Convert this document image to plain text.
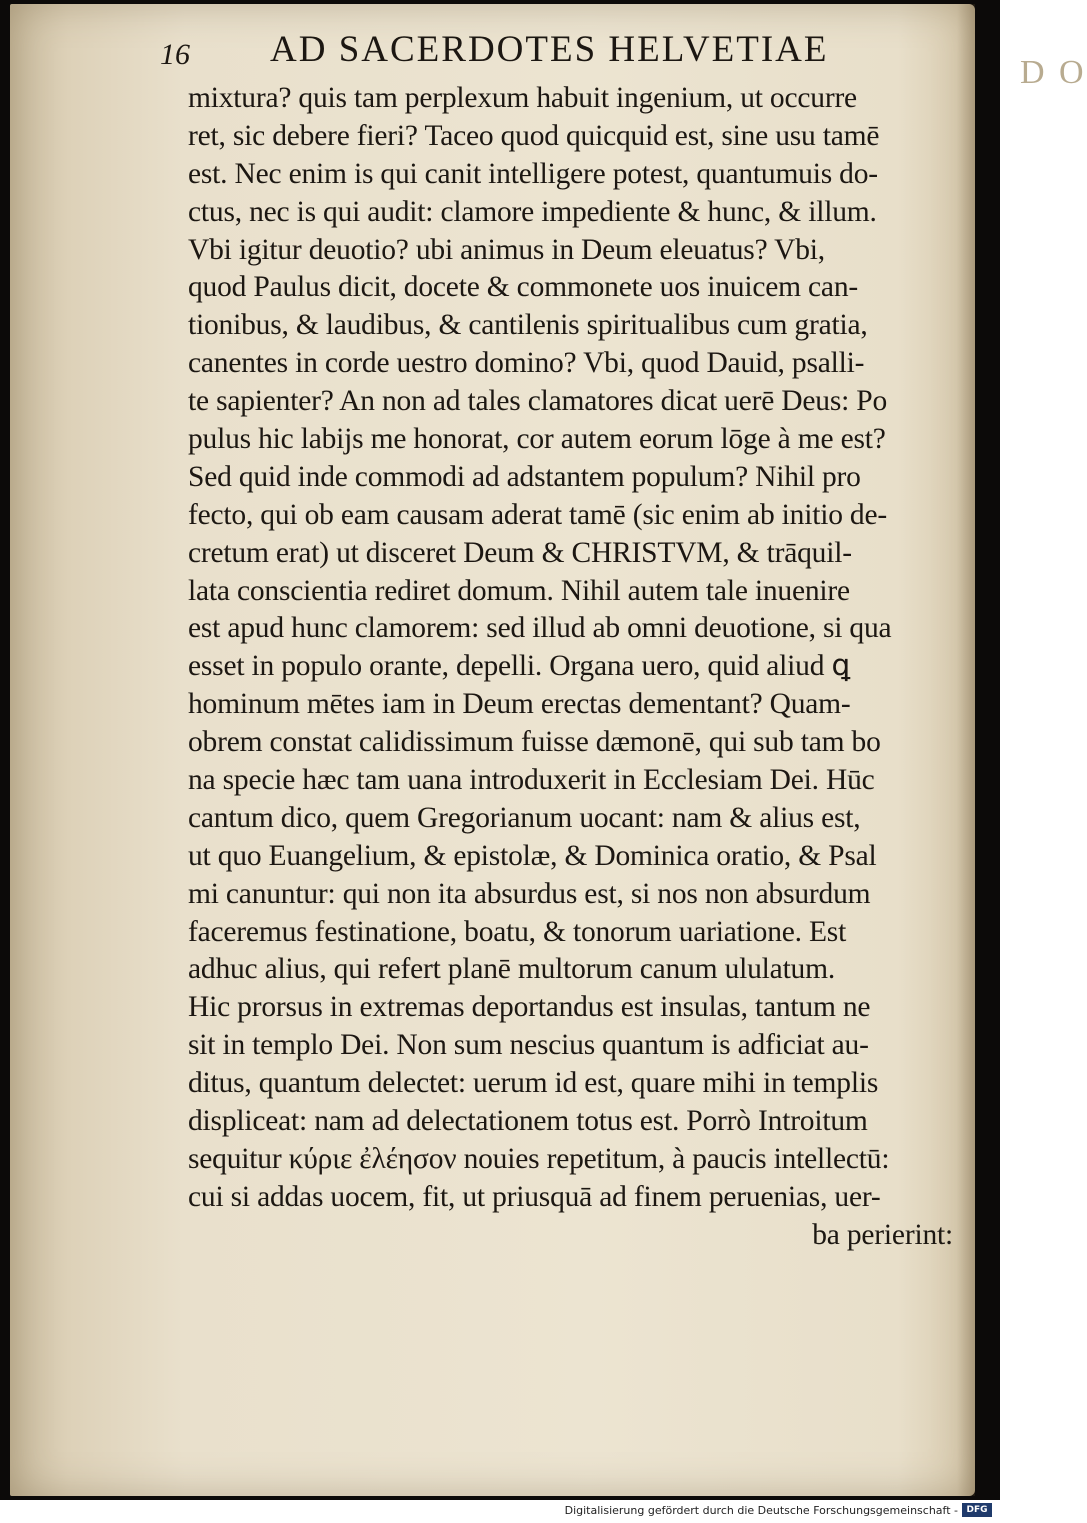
16 AD SACERDOTES HELVETIAE
D O
mixtura? quis tam perplexum habuit ingenium, ut occurre
ret, sic debere fieri? Taceo quod quicquid est, sine usu tamē
est. Nec enim is qui canit intelligere potest, quantumuis do-
ctus, nec is qui audit: clamore impediente & hunc, & illum.
Vbi igitur deuotio? ubi animus in Deum eleuatus? Vbi,
quod Paulus dicit, docete & commonete uos inuicem can-
tionibus, & laudibus, & cantilenis spiritualibus cum gratia,
canentes in corde uestro domino? Vbi, quod Dauid, psalli-
te sapienter? An non ad tales clamatores dicat uerē Deus: Po
pulus hic labijs me honorat, cor autem eorum lōge à me est?
Sed quid inde commodi ad adstantem populum? Nihil pro
fecto, qui ob eam causam aderat tamē (sic enim ab initio de-
cretum erat) ut disceret Deum & CHRISTVM, & trāquil-
lata conscientia rediret domum. Nihil autem tale inuenire
est apud hunc clamorem: sed illud ab omni deuotione, si qua
esset in populo orante, depelli. Organa uero, quid aliud ꝗ
hominum mētes iam in Deum erectas dementant? Quam-
obrem constat calidissimum fuisse dæmonē, qui sub tam bo
na specie hæc tam uana introduxerit in Ecclesiam Dei. Hūc
cantum dico, quem Gregorianum uocant: nam & alius est,
ut quo Euangelium, & epistolæ, & Dominica oratio, & Psal
mi canuntur: qui non ita absurdus est, si nos non absurdum
faceremus festinatione, boatu, & tonorum uariatione. Est
adhuc alius, qui refert planē multorum canum ululatum.
Hic prorsus in extremas deportandus est insulas, tantum ne
sit in templo Dei. Non sum nescius quantum is adficiat au-
ditus, quantum delectet: uerum id est, quare mihi in templis
displiceat: nam ad delectationem totus est. Porrò Introitum
sequitur κύριε ἐλέησον nouies repetitum, à paucis intellectū:
cui si addas uocem, fit, ut priusquā ad finem peruenias, uer-
ba perierint:
Digitalisierung gefördert durch die Deutsche Forschungsgemeinschaft - DFG
